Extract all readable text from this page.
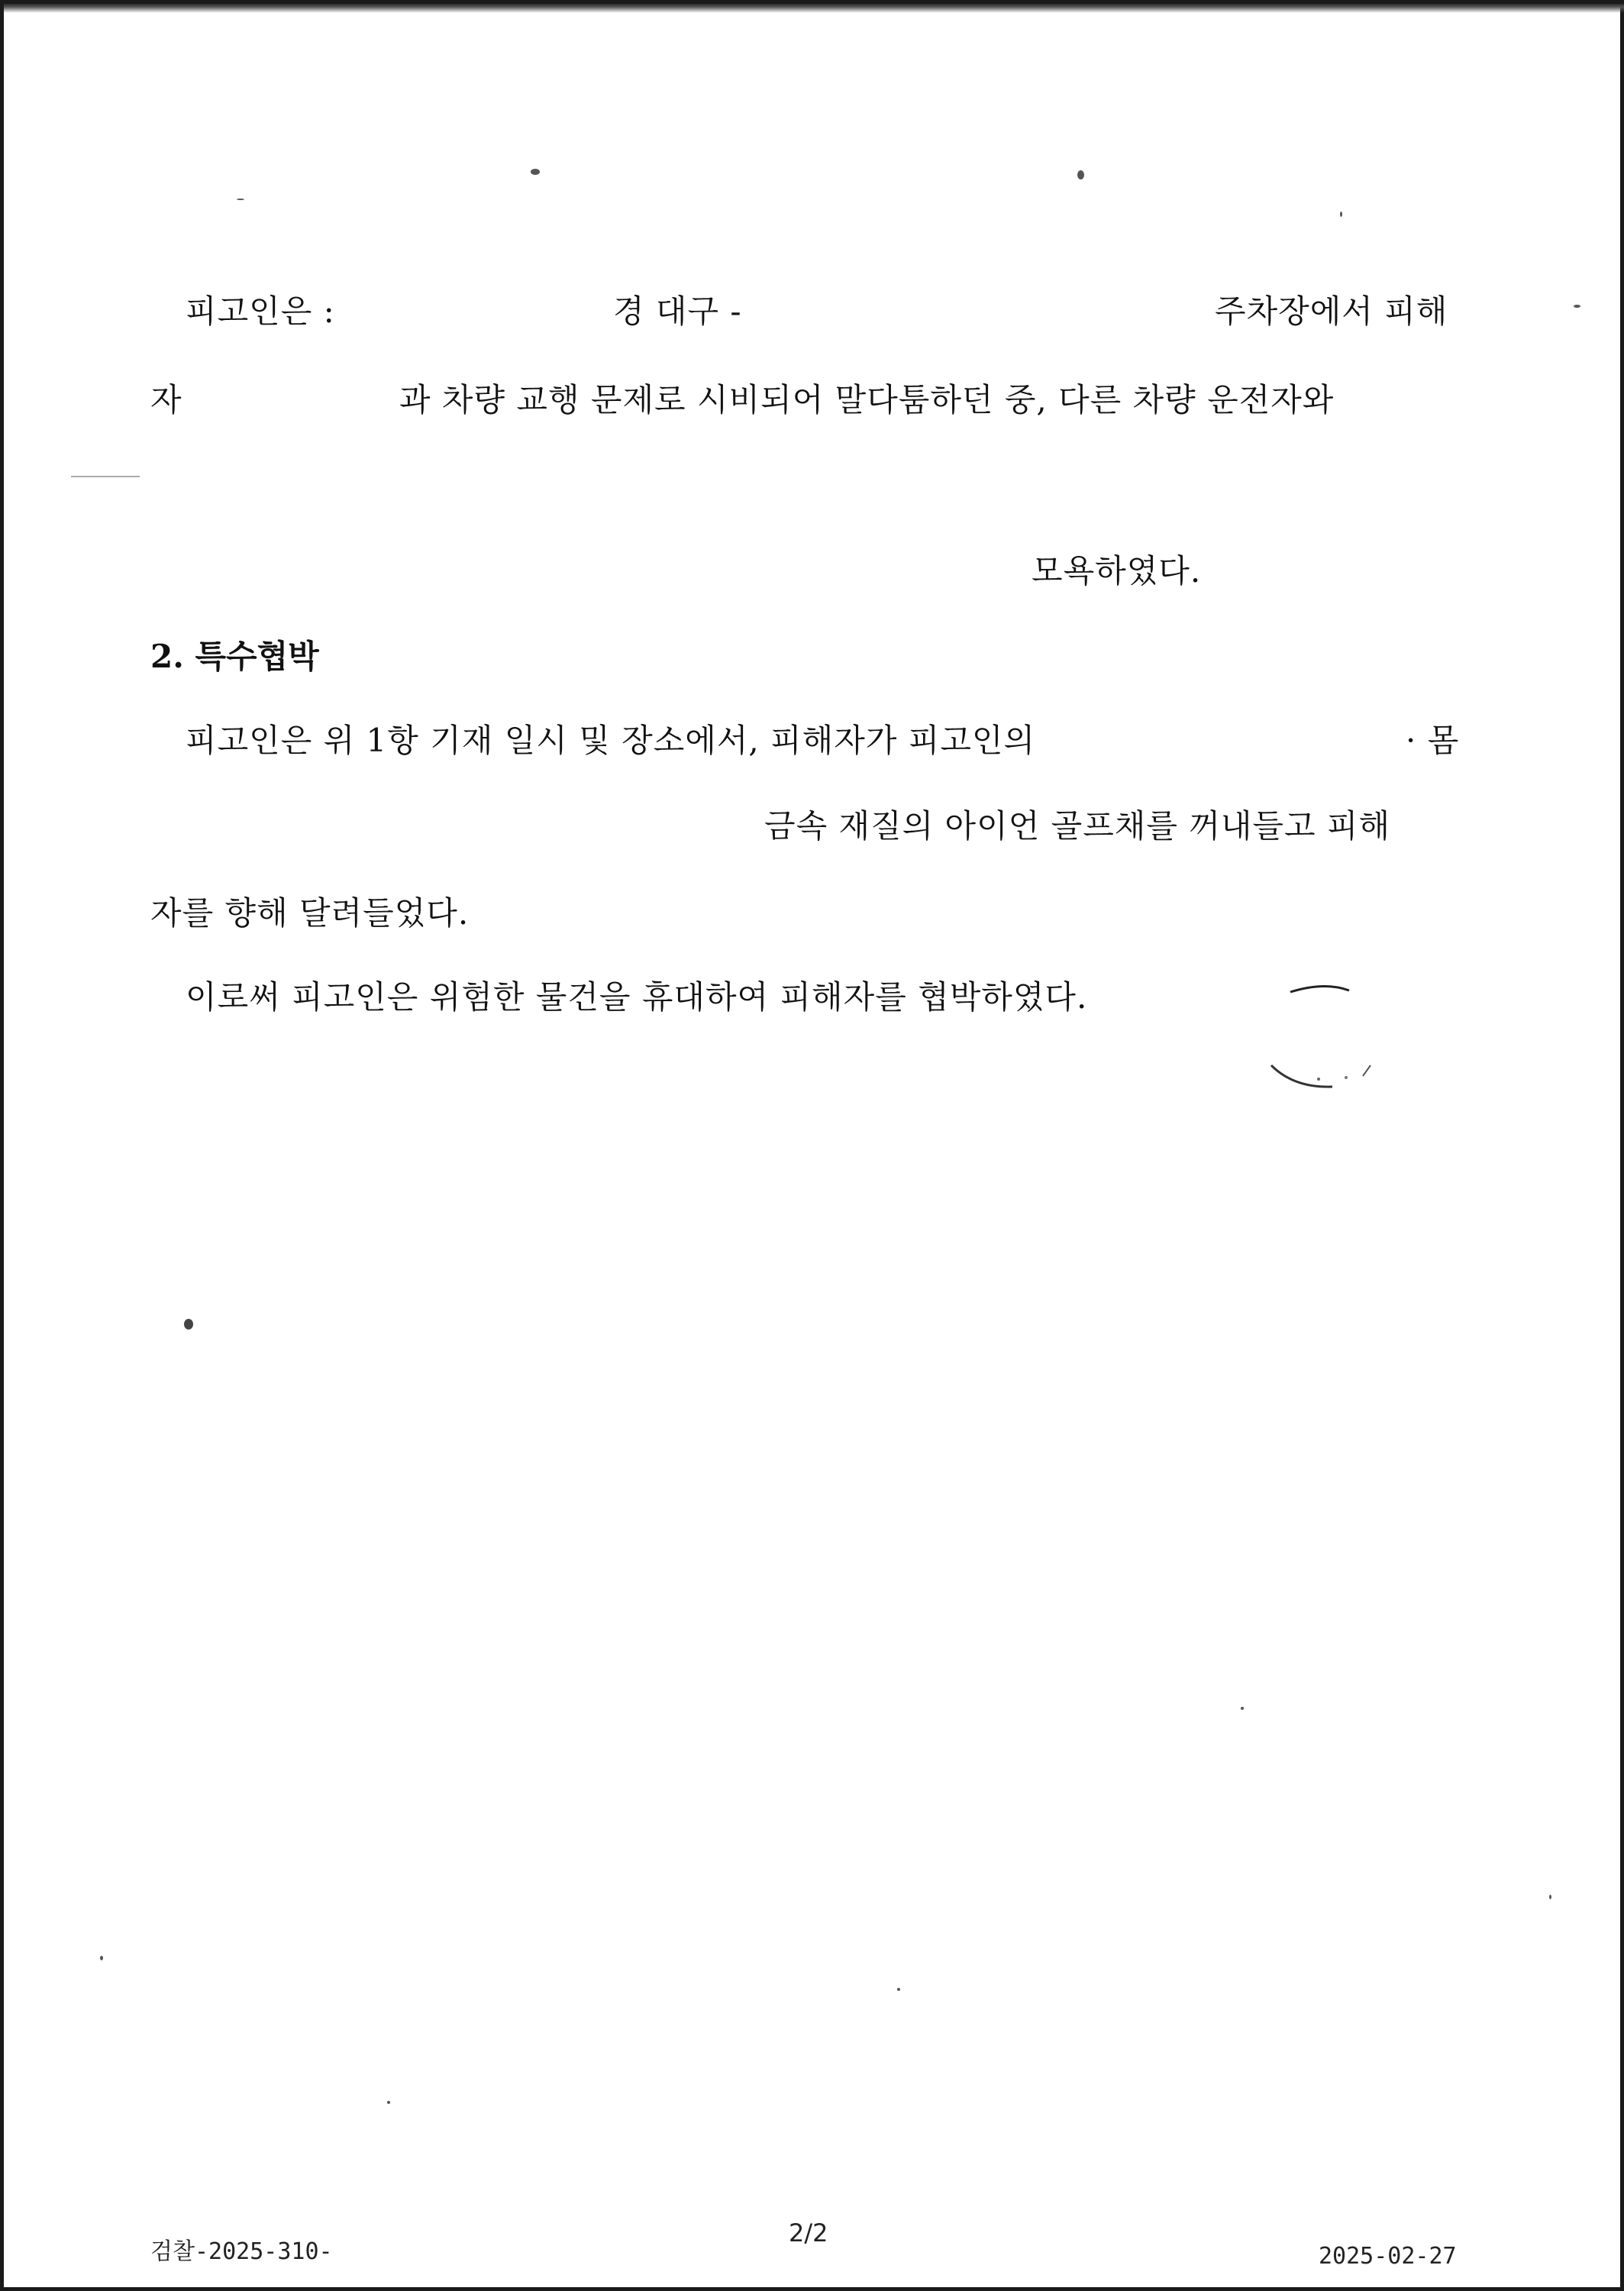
피고인은 :	경 대구 -	주차장에서 피해
자	과 차량 교행 문제로 시비되어 말다툼하던 중, 다른 차량 운전자와
모욕하였다.
2. 특수협박
피고인은 위 1항 기재 일시 및 장소에서, 피해자가 피고인의	· 몸
금속 재질의 아이언 골프채를 꺼내들고 피해
자를 향해 달려들었다.
이로써 피고인은 위험한 물건을 휴대하여 피해자를 협박하였다.
검찰-2025-310-
2/2
2025-02-27
